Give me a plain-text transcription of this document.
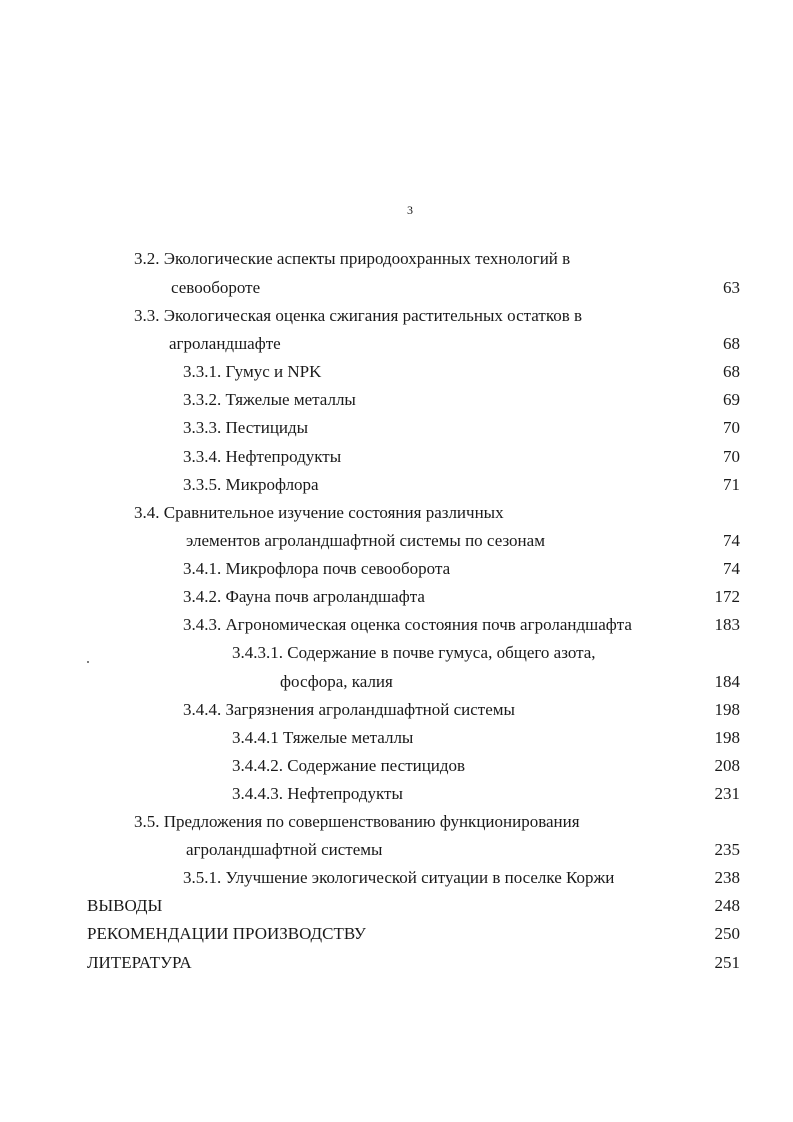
3
3.2. Экологические аспекты природоохранных технологий в
севообороте	63
3.3. Экологическая оценка сжигания растительных остатков в
агроландшафте	68
3.3.1. Гумус и NPK	68
3.3.2. Тяжелые металлы	69
3.3.3. Пестициды	70
3.3.4. Нефтепродукты	70
3.3.5. Микрофлора	71
3.4. Сравнительное изучение состояния различных
элементов агроландшафтной системы по сезонам	74
3.4.1. Микрофлора почв севооборота	74
3.4.2. Фауна почв агроландшафта	172
3.4.3. Агрономическая оценка состояния почв агроландшафта	183
3.4.3.1. Содержание в почве гумуса, общего азота,
фосфора, калия	184
3.4.4. Загрязнения агроландшафтной системы	198
3.4.4.1 Тяжелые металлы	198
3.4.4.2. Содержание пестицидов	208
3.4.4.3. Нефтепродукты	231
3.5. Предложения по совершенствованию функционирования
агроландшафтной системы	235
3.5.1. Улучшение экологической ситуации в поселке Коржи	238
ВЫВОДЫ	248
РЕКОМЕНДАЦИИ ПРОИЗВОДСТВУ	250
ЛИТЕРАТУРА	251
